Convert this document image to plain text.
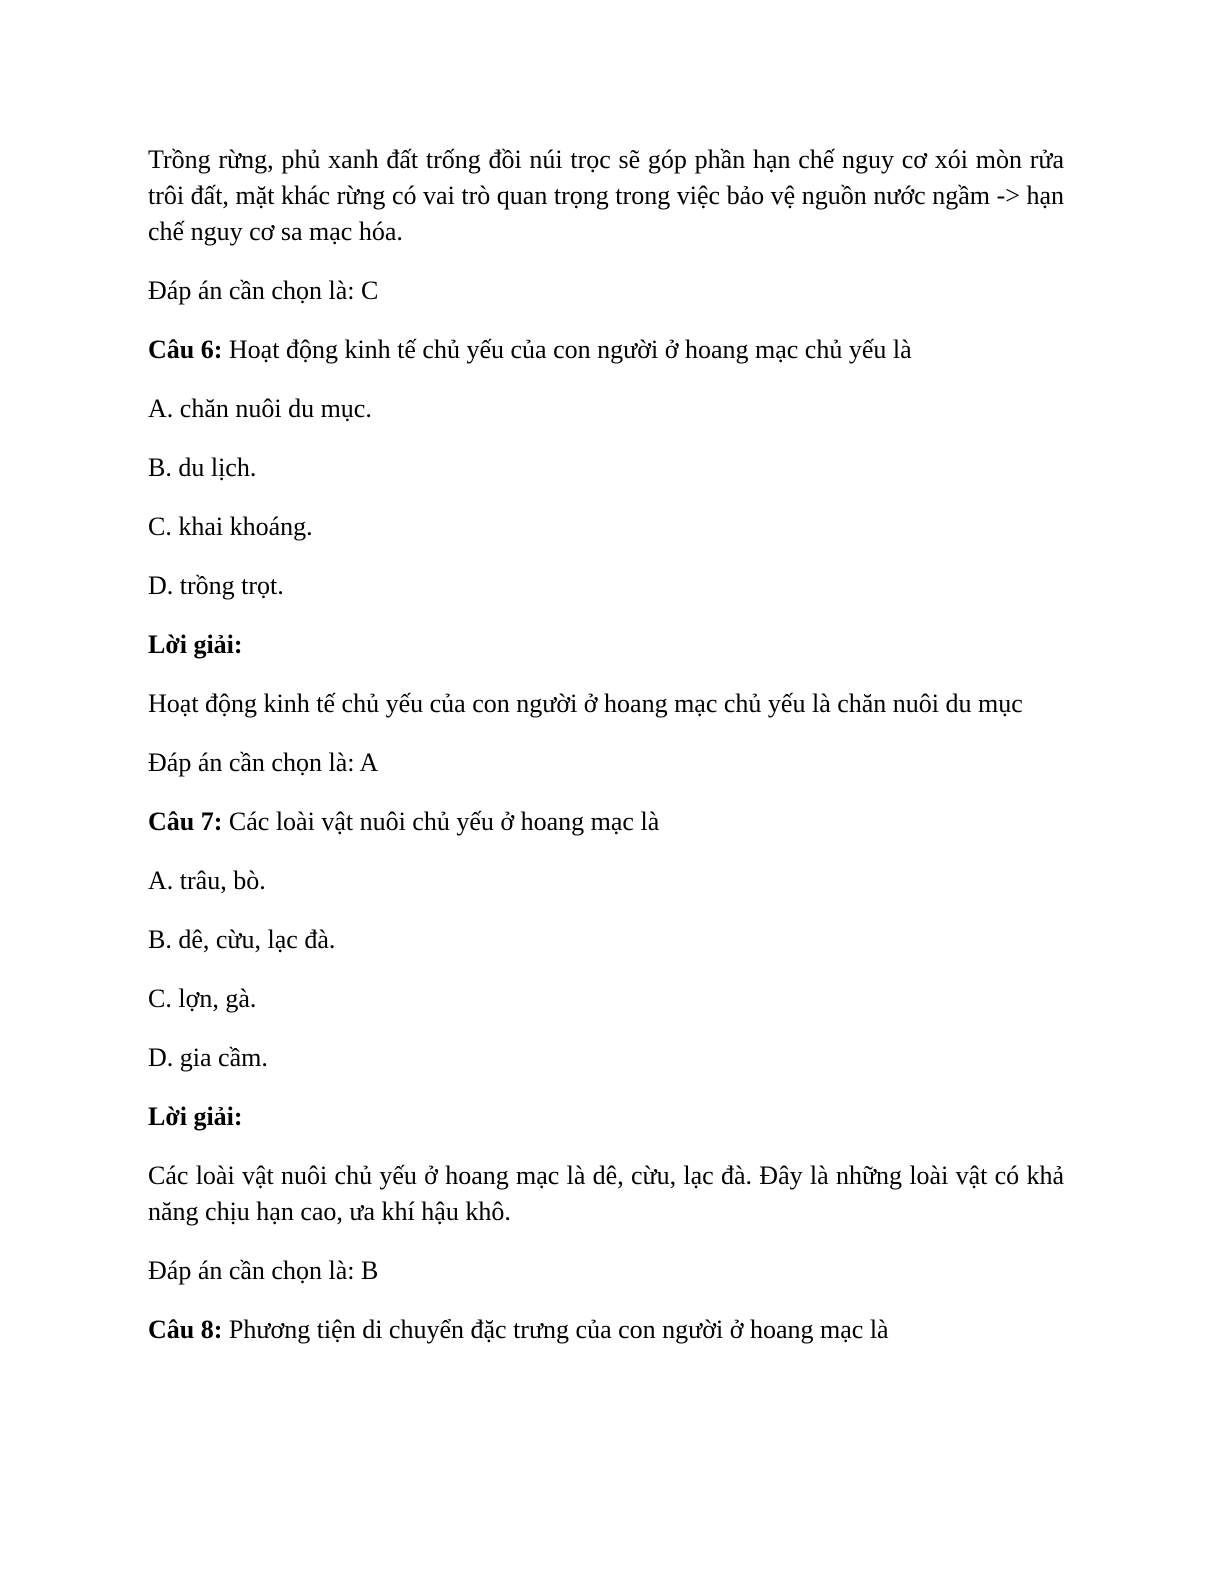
Trồng rừng, phủ xanh đất trống đồi núi trọc sẽ góp phần hạn chế nguy cơ xói mòn rửa trôi đất, mặt khác rừng có vai trò quan trọng trong việc bảo vệ nguồn nước ngầm -> hạn chế nguy cơ sa mạc hóa.

Đáp án cần chọn là: C

Câu 6: Hoạt động kinh tế chủ yếu của con người ở hoang mạc chủ yếu là

A. chăn nuôi du mục.

B. du lịch.

C. khai khoáng.

D. trồng trọt.

Lời giải:

Hoạt động kinh tế chủ yếu của con người ở hoang mạc chủ yếu là chăn nuôi du mục

Đáp án cần chọn là: A

Câu 7: Các loài vật nuôi chủ yếu ở hoang mạc là

A. trâu, bò.

B. dê, cừu, lạc đà.

C. lợn, gà.

D. gia cầm.

Lời giải:

Các loài vật nuôi chủ yếu ở hoang mạc là dê, cừu, lạc đà. Đây là những loài vật có khả năng chịu hạn cao, ưa khí hậu khô.

Đáp án cần chọn là: B

Câu 8: Phương tiện di chuyển đặc trưng của con người ở hoang mạc là
